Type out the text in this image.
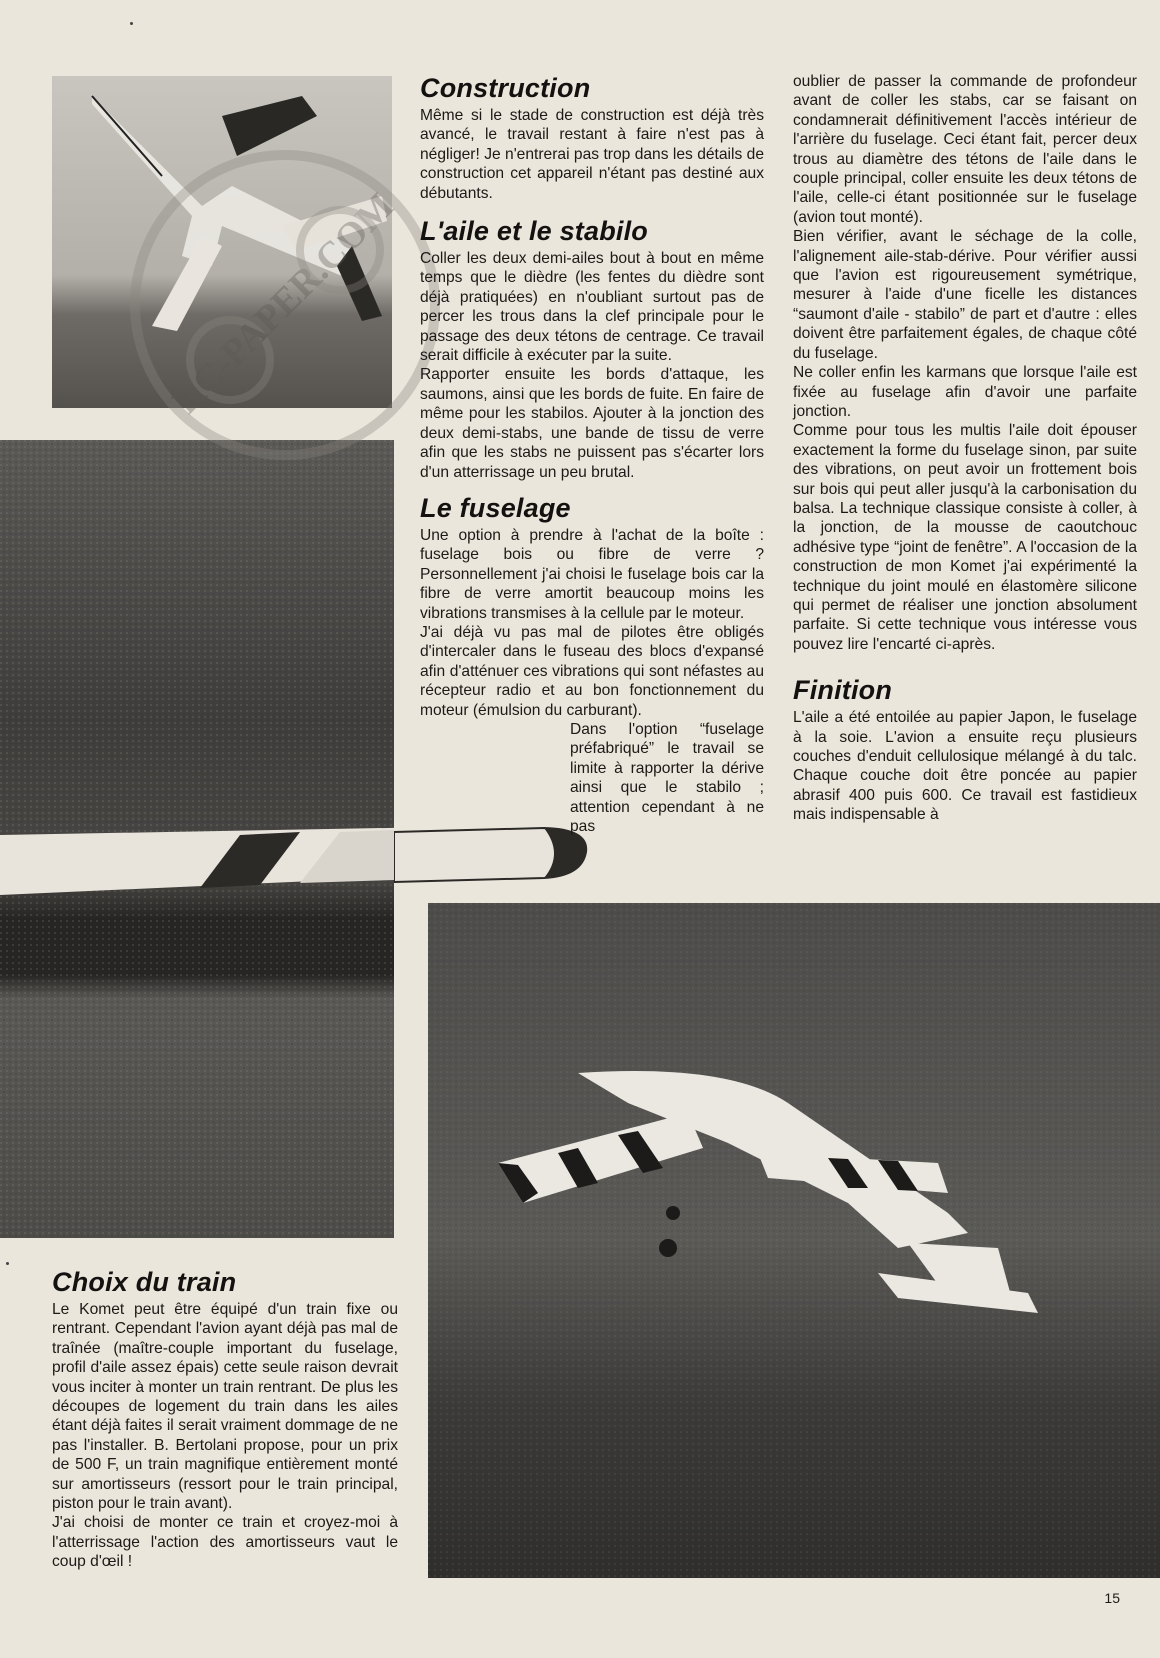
RC-PAPER.COM
Construction

Même si le stade de construction est déjà très avancé, le travail restant à faire n'est pas à négliger! Je n'entrerai pas trop dans les détails de construction cet appareil n'étant pas destiné aux débutants.

L'aile et le stabilo

Coller les deux demi-ailes bout à bout en même temps que le dièdre (les fentes du dièdre sont déjà pratiquées) en n'oubliant surtout pas de percer les trous dans la clef principale pour le passage des deux tétons de centrage. Ce travail serait difficile à exécuter par la suite.

Rapporter ensuite les bords d'attaque, les saumons, ainsi que les bords de fuite. En faire de même pour les stabilos. Ajouter à la jonction des deux demi-stabs, une bande de tissu de verre afin que les stabs ne puissent pas s'écarter lors d'un atterrissage un peu brutal.

Le fuselage

Une option à prendre à l'achat de la boîte : fuselage bois ou fibre de verre ? Personnellement j'ai choisi le fuselage bois car la fibre de verre amortit beaucoup moins les vibrations transmises à la cellule par le moteur.

J'ai déjà vu pas mal de pilotes être obligés d'intercaler dans le fuseau des blocs d'expansé afin d'atténuer ces vibrations qui sont néfastes au récepteur radio et au bon fonctionnement du moteur (émulsion du carburant).

Dans l'option “fuselage préfabriqué” le travail se limite à rapporter la dérive ainsi que le stabilo ; attention cependant à ne pas

oublier de passer la commande de profondeur avant de coller les stabs, car se faisant on condamnerait définitivement l'accès intérieur de l'arrière du fuselage. Ceci étant fait, percer deux trous au diamètre des tétons de l'aile dans le couple principal, coller ensuite les deux tétons de l'aile, celle-ci étant positionnée sur le fuselage (avion tout monté).

Bien vérifier, avant le séchage de la colle, l'alignement aile-stab-dérive. Pour vérifier aussi que l'avion est rigoureusement symétrique, mesurer à l'aide d'une ficelle les distances “saumont d'aile - stabilo” de part et d'autre : elles doivent être parfaitement égales, de chaque côté du fuselage.

Ne coller enfin les karmans que lorsque l'aile est fixée au fuselage afin d'avoir une parfaite jonction.

Comme pour tous les multis l'aile doit épouser exactement la forme du fuselage sinon, par suite des vibrations, on peut avoir un frottement bois sur bois qui peut aller jusqu'à la carbonisation du balsa. La technique classique consiste à coller, à la jonction, de la mousse de caoutchouc adhésive type “joint de fenêtre”. A l'occasion de la construction de mon Komet j'ai expérimenté la technique du joint moulé en élastomère silicone qui permet de réaliser une jonction absolument parfaite. Si cette technique vous intéresse vous pouvez lire l'encarté ci-après.

Finition

L'aile a été entoilée au papier Japon, le fuselage à la soie. L'avion a ensuite reçu plusieurs couches d'enduit cellulosique mélangé à du talc. Chaque couche doit être poncée au papier abrasif 400 puis 600. Ce travail est fastidieux mais indispensable à

Choix du train

Le Komet peut être équipé d'un train fixe ou rentrant. Cependant l'avion ayant déjà pas mal de traînée (maître-couple important du fuselage, profil d'aile assez épais) cette seule raison devrait vous inciter à monter un train rentrant. De plus les découpes de logement du train dans les ailes étant déjà faites il serait vraiment dommage de ne pas l'installer. B. Bertolani propose, pour un prix de 500 F, un train magnifique entièrement monté sur amortisseurs (ressort pour le train principal, piston pour le train avant).

J'ai choisi de monter ce train et croyez-moi à l'atterrissage l'action des amortisseurs vaut le coup d'œil !

15
